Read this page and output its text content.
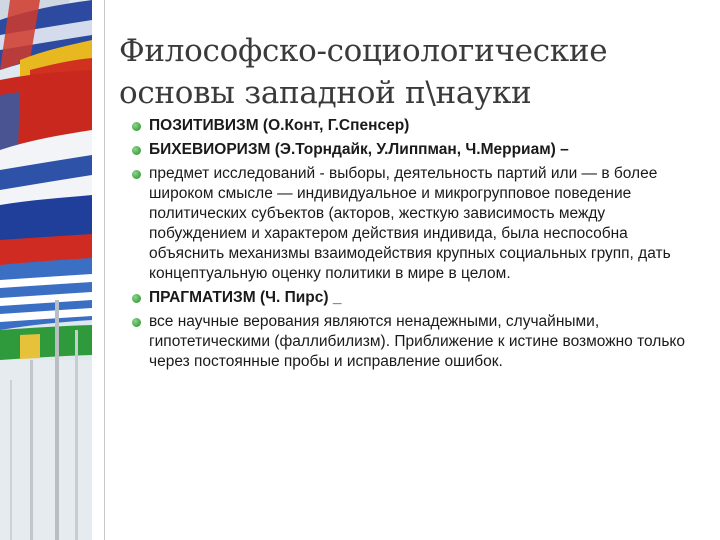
Философско-социологические
основы западной п\науки
ПОЗИТИВИЗМ (О.Конт, Г.Спенсер)
БИХЕВИОРИЗМ (Э.Торндайк, У.Липпман, Ч.Мерриам) –
предмет исследований - выборы, деятельность партий или — в более широком смысле — индивидуальное и микрогрупповое поведение политических субъектов (акторов, жесткую зависимость между побуждением и характером действия индивида, была неспособна объяснить механизмы взаимодействия крупных социальных групп, дать концептуальную оценку политики в мире в целом.
ПРАГМАТИЗМ (Ч. Пирс) _
все научные верования являются ненадежными, случайными, гипотетическими (фаллибилизм). Приближение к истине возможно только через постоянные пробы и исправление ошибок.
